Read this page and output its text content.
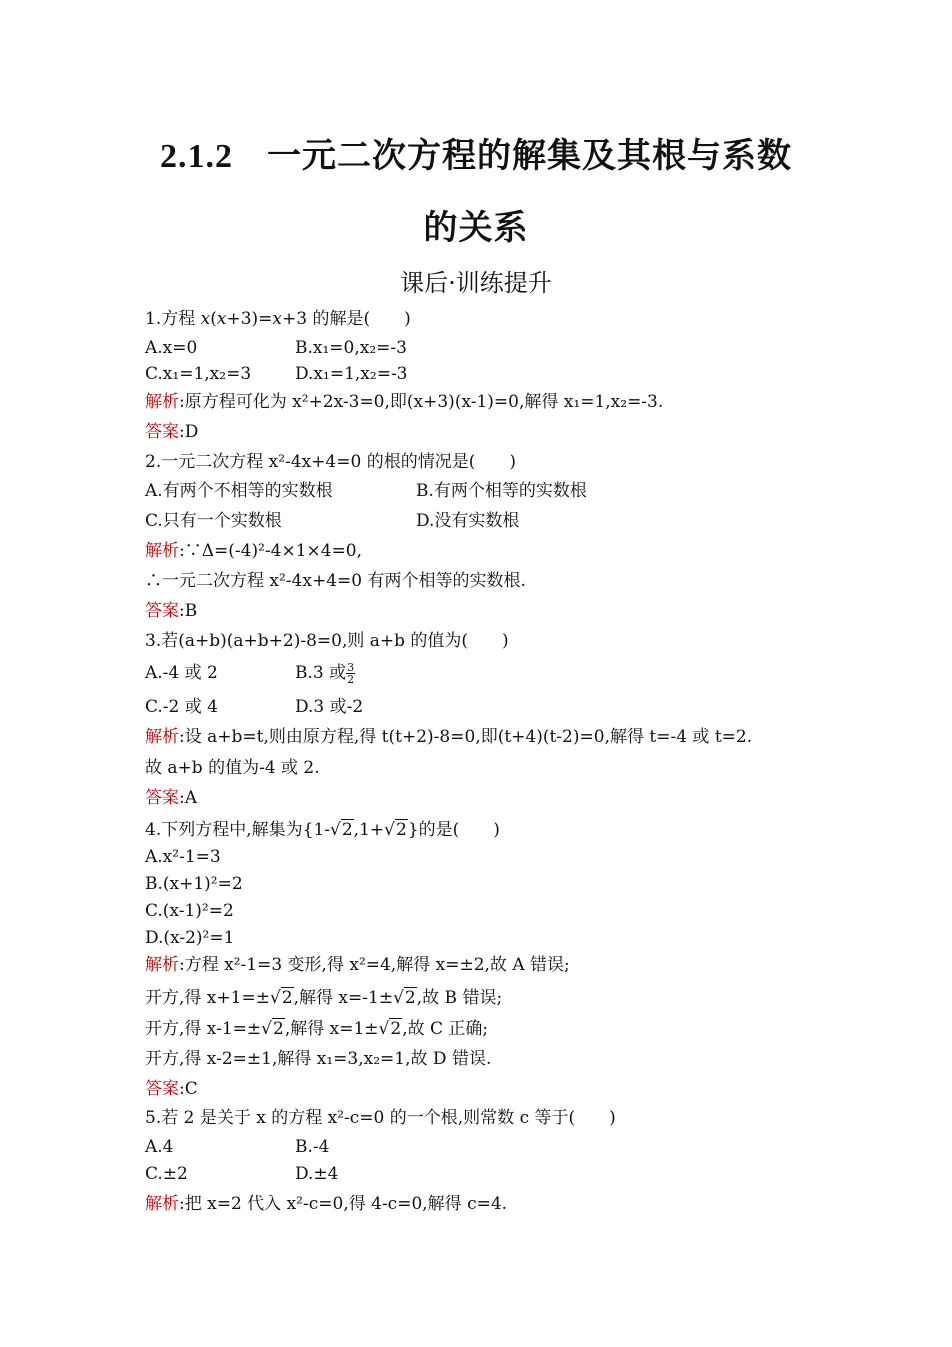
2.1.2 一元二次方程的解集及其根与系数
的关系
课后·训练提升
1.方程 x(x+3)=x+3 的解是(　　)
A.x=0	B.x₁=0,x₂=-3
C.x₁=1,x₂=3	D.x₁=1,x₂=-3
解析:原方程可化为 x²+2x-3=0,即(x+3)(x-1)=0,解得 x₁=1,x₂=-3.
答案:D
2.一元二次方程 x²-4x+4=0 的根的情况是(　　)
A.有两个不相等的实数根	B.有两个相等的实数根
C.只有一个实数根	D.没有实数根
解析:∵Δ=(-4)²-4×1×4=0,
∴一元二次方程 x²-4x+4=0 有两个相等的实数根.
答案:B
3.若(a+b)(a+b+2)-8=0,则 a+b 的值为(　　)
A.-4 或 2	B.3 或 $\frac{3}{2}$
C.-2 或 4	D.3 或-2
解析:设 a+b=t,则由原方程,得 t(t+2)-8=0,即(t+4)(t-2)=0,解得 t=-4 或 t=2.
故 a+b 的值为-4 或 2.
答案:A
4.下列方程中,解集为{1-√2,1+√2}的是(　　)
A.x²-1=3
B.(x+1)²=2
C.(x-1)²=2
D.(x-2)²=1
解析:方程 x²-1=3 变形,得 x²=4,解得 x=±2,故 A 错误;
开方,得 x+1=±√2,解得 x=-1±√2,故 B 错误;
开方,得 x-1=±√2,解得 x=1±√2,故 C 正确;
开方,得 x-2=±1,解得 x₁=3,x₂=1,故 D 错误.
答案:C
5.若 2 是关于 x 的方程 x²-c=0 的一个根,则常数 c 等于(　　)
A.4	B.-4
C.±2	D.±4
解析:把 x=2 代入 x²-c=0,得 4-c=0,解得 c=4.
